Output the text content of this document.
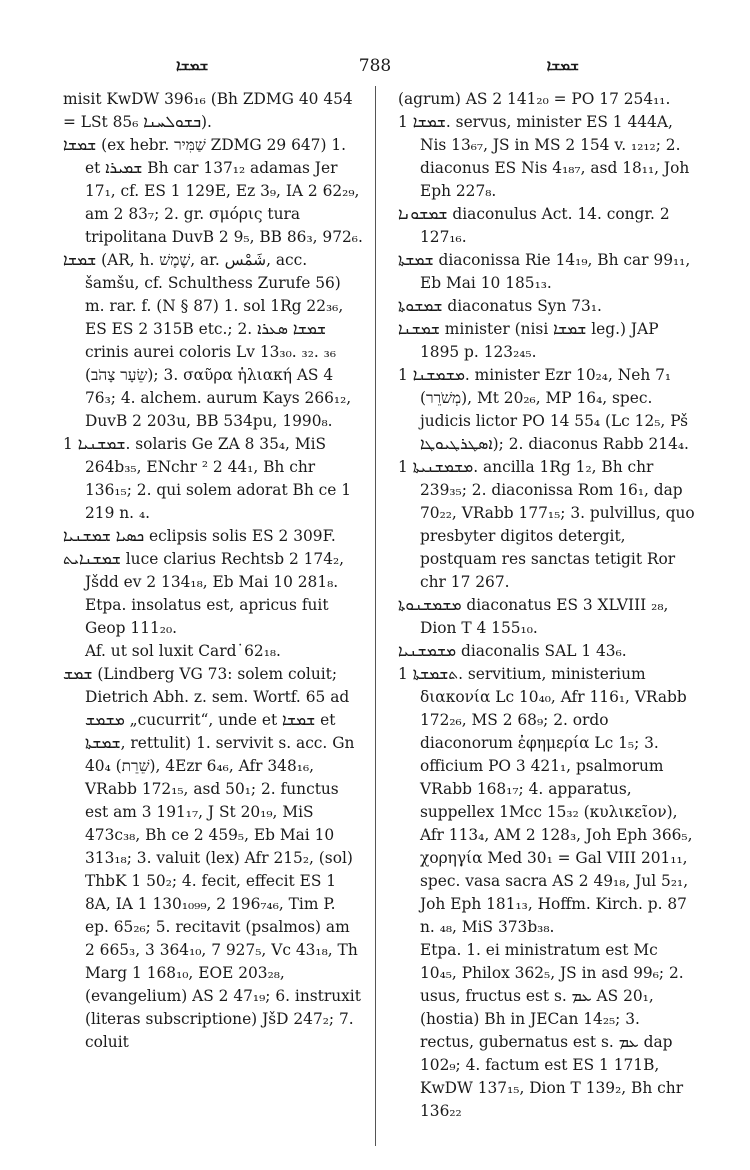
ܫܡܫܐ	788	ܫܡܫܐ

misit KwDW 396₁₆ (Bh ZDMG 40 454 = LSt 85₆ ܒܫܘܠܚܢܐ).

ܫܡܫܐ (ex hebr. שַׁמִּיר ZDMG 29 647) 1. et ܫܡܝܪܐ Bh car 137₁₂ adamas Jer 17₁, cf. ES 1 129E, Ez 3₉, IA 2 62₂₉, am 2 83₇; 2. gr. σμόρις tura tripolitana DuvB 2 9₅, BB 86₃, 972₆.

ܫܡܫܐ (AR, h. שֶׁמֶשׁ, ar. شَمْس, acc. šamšu, cf. Schulthess Zurufe 56) m. rar. f. (N § 87) 1. sol 1Rg 22₃₆, ES ES 2 315B etc.; 2. ܫܡܫܐ ܣܥܪܐ crinis aurei coloris Lv 13₃₀. ₃₂. ₃₆ (שֵׂעָר צָהֹב); 3. σαῦρα ἡλιακή AS 4 76₃; 4. alchem. aurum Kays 266₁₂, DuvB 2 203u, BB 534pu, 1990₈.

ܫܡܫܢܝܐ 1. solaris Ge ZA 8 35₄, MiS 264b₃₅, ENchr ² 2 44₁, Bh chr 136₁₅; 2. qui solem adorat Bh ce 1 219 n. ₄.

ܟܣܝܐ ܫܡܫܢܝܐ eclipsis solis ES 2 309F.

ܫܡܫܢܐܝܬ luce clarius Rechtsb 2 174₂, Jšdd ev 2 134₁₈, Eb Mai 10 281₈.

Etpa. insolatus est, apricus fuit Geop 111₂₀.

Af. ut sol luxit Card˙62₁₈.

ܫܡܫ (Lindberg VG 73: solem coluit; Dietrich Abh. z. sem. Wortf. 65 ad ܡܫܡܫ „cucurrit“, unde et ܫܡܫܐ et ܫܡܫܬܐ, rettulit) 1. servivit s. acc. Gn 40₄ (שֵׁרֵת), 4Ezr 6₄₆, Afr 348₁₆, VRabb 172₁₅, asd 50₁; 2. functus est am 3 191₁₇, J St 20₁₉, MiS 473c₃₈, Bh ce 2 459₅, Eb Mai 10 313₁₈; 3. valuit (lex) Afr 215₂, (sol) ThbK 1 50₂; 4. fecit, effecit ES 1 8A, IA 1 130₁₀₉₉, 2 196₇₄₆, Tim P. ep. 65₂₆; 5. recitavit (psalmos) am 2 665₃, 3 364₁₀, 7 927₅, Vc 43₁₈, Th Marg 1 168₁₀, EOE 203₂₈, (evangelium) AS 2 47₁₉; 6. instruxit (literas subscriptione) JšD 247₂; 7. coluit

(agrum) AS 2 141₂₀ = PO 17 254₁₁.

ܫܡܫܐ 1. servus, minister ES 1 444A, Nis 13₆₇, JS in MS 2 154 v. ₁₂₁₂; 2. diaconus ES Nis 4₁₈₇, asd 18₁₁, Joh Eph 227₈.

ܫܡܫܘܢܐ diaconulus Act. 14. congr. 2 127₁₆.

ܫܡܫܬܐ diaconissa Rie 14₁₉, Bh car 99₁₁, Eb Mai 10 185₁₃.

ܫܡܫܘܬܐ diaconatus Syn 73₁.

ܫܡܫܢܐ minister (nisi ܫܡܫܐ leg.) JAP 1895 p. 123₂₄₅.

ܡܫܡܫܢܐ 1. minister Ezr 10₂₄, Neh 7₁ (מְשֹׁרֵר), Mt 20₂₆, MP 16₄, spec. judicis lictor PO 14 55₄ (Lc 12₅, Pš ܐܣܛܪܛܝܘܛܐ); 2. diaconus Rabb 214₄.

ܡܫܡܫܢܝܬܐ 1. ancilla 1Rg 1₂, Bh chr 239₃₅; 2. diaconissa Rom 16₁, dap 70₂₂, VRabb 177₁₅; 3. pulvillus, quo presbyter digitos detergit, postquam res sanctas tetigit Ror chr 17 267.

ܡܫܡܫܢܘܬܐ diaconatus ES 3 XLVIII ₂₈, Dion T 4 155₁₀.

ܡܫܡܫܢܝܐ diaconalis SAL 1 43₆.

ܬܫܡܫܬܐ 1. servitium, ministerium διακονία Lc 10₄₀, Afr 116₁, VRabb 172₂₆, MS 2 68₉; 2. ordo diaconorum ἐφημερία Lc 1₅; 3. officium PO 3 421₁, psalmorum VRabb 168₁₇; 4. apparatus, suppellex 1Mcc 15₃₂ (κυλικεῖον), Afr 113₄, AM 2 128₃, Joh Eph 366₅, χορηγία Med 30₁ = Gal VIII 201₁₁, spec. vasa sacra AS 2 49₁₈, Jul 5₂₁, Joh Eph 181₁₃, Hoffm. Kirch. p. 87 n. ₄₈, MiS 373b₃₈.

Etpa. 1. ei ministratum est Mc 10₄₅, Philox 362₅, JS in asd 99₆; 2. usus, fructus est s. ܥܡ AS 20₁, (hostia) Bh in JECan 14₂₅; 3. rectus, gubernatus est s. ܥܡ dap 102₉; 4. factum est ES 1 171B, KwDW 137₁₅, Dion T 139₂, Bh chr 136₂₂
